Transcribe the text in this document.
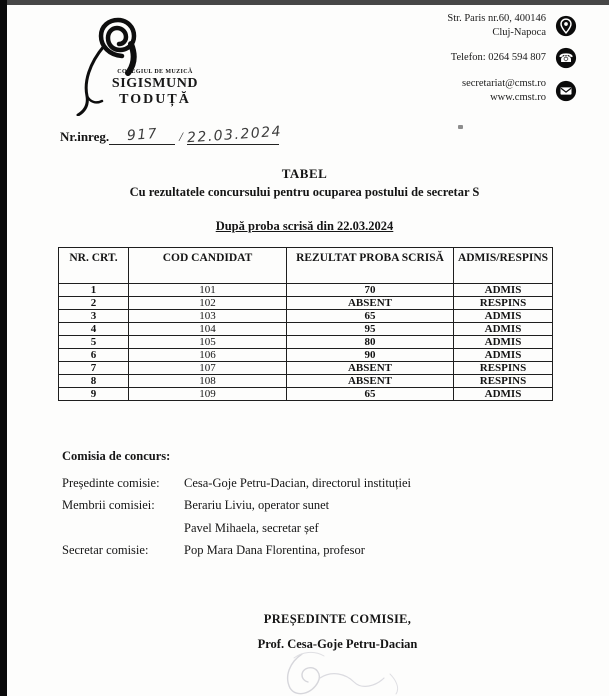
COLEGIUL DE MUZICĂ
SIGISMUND
TODUȚĂ
Str. Paris nr.60, 400146
Cluj-Napoca
Telefon: 0264 594 807 ☎
secretariat@cmst.ro
www.cmst.ro
Nr.inreg. 917 / 22.03.2024
TABEL
Cu rezultatele concursului pentru ocuparea postului de secretar S
După proba scrisă din 22.03.2024
NR. CRT.	COD CANDIDAT	REZULTAT PROBA SCRISĂ	ADMIS/RESPINS
1	101	70	ADMIS
2	102	ABSENT	RESPINS
3	103	65	ADMIS
4	104	95	ADMIS
5	105	80	ADMIS
6	106	90	ADMIS
7	107	ABSENT	RESPINS
8	108	ABSENT	RESPINS
9	109	65	ADMIS
Comisia de concurs:
Președinte comisie:	Cesa-Goje Petru-Dacian, directorul instituției
Membrii comisiei:	Berariu Liviu, operator sunet
Pavel Mihaela, secretar șef
Secretar comisie:	Pop Mara Dana Florentina, profesor
PREȘEDINTE COMISIE,
Prof. Cesa-Goje Petru-Dacian
